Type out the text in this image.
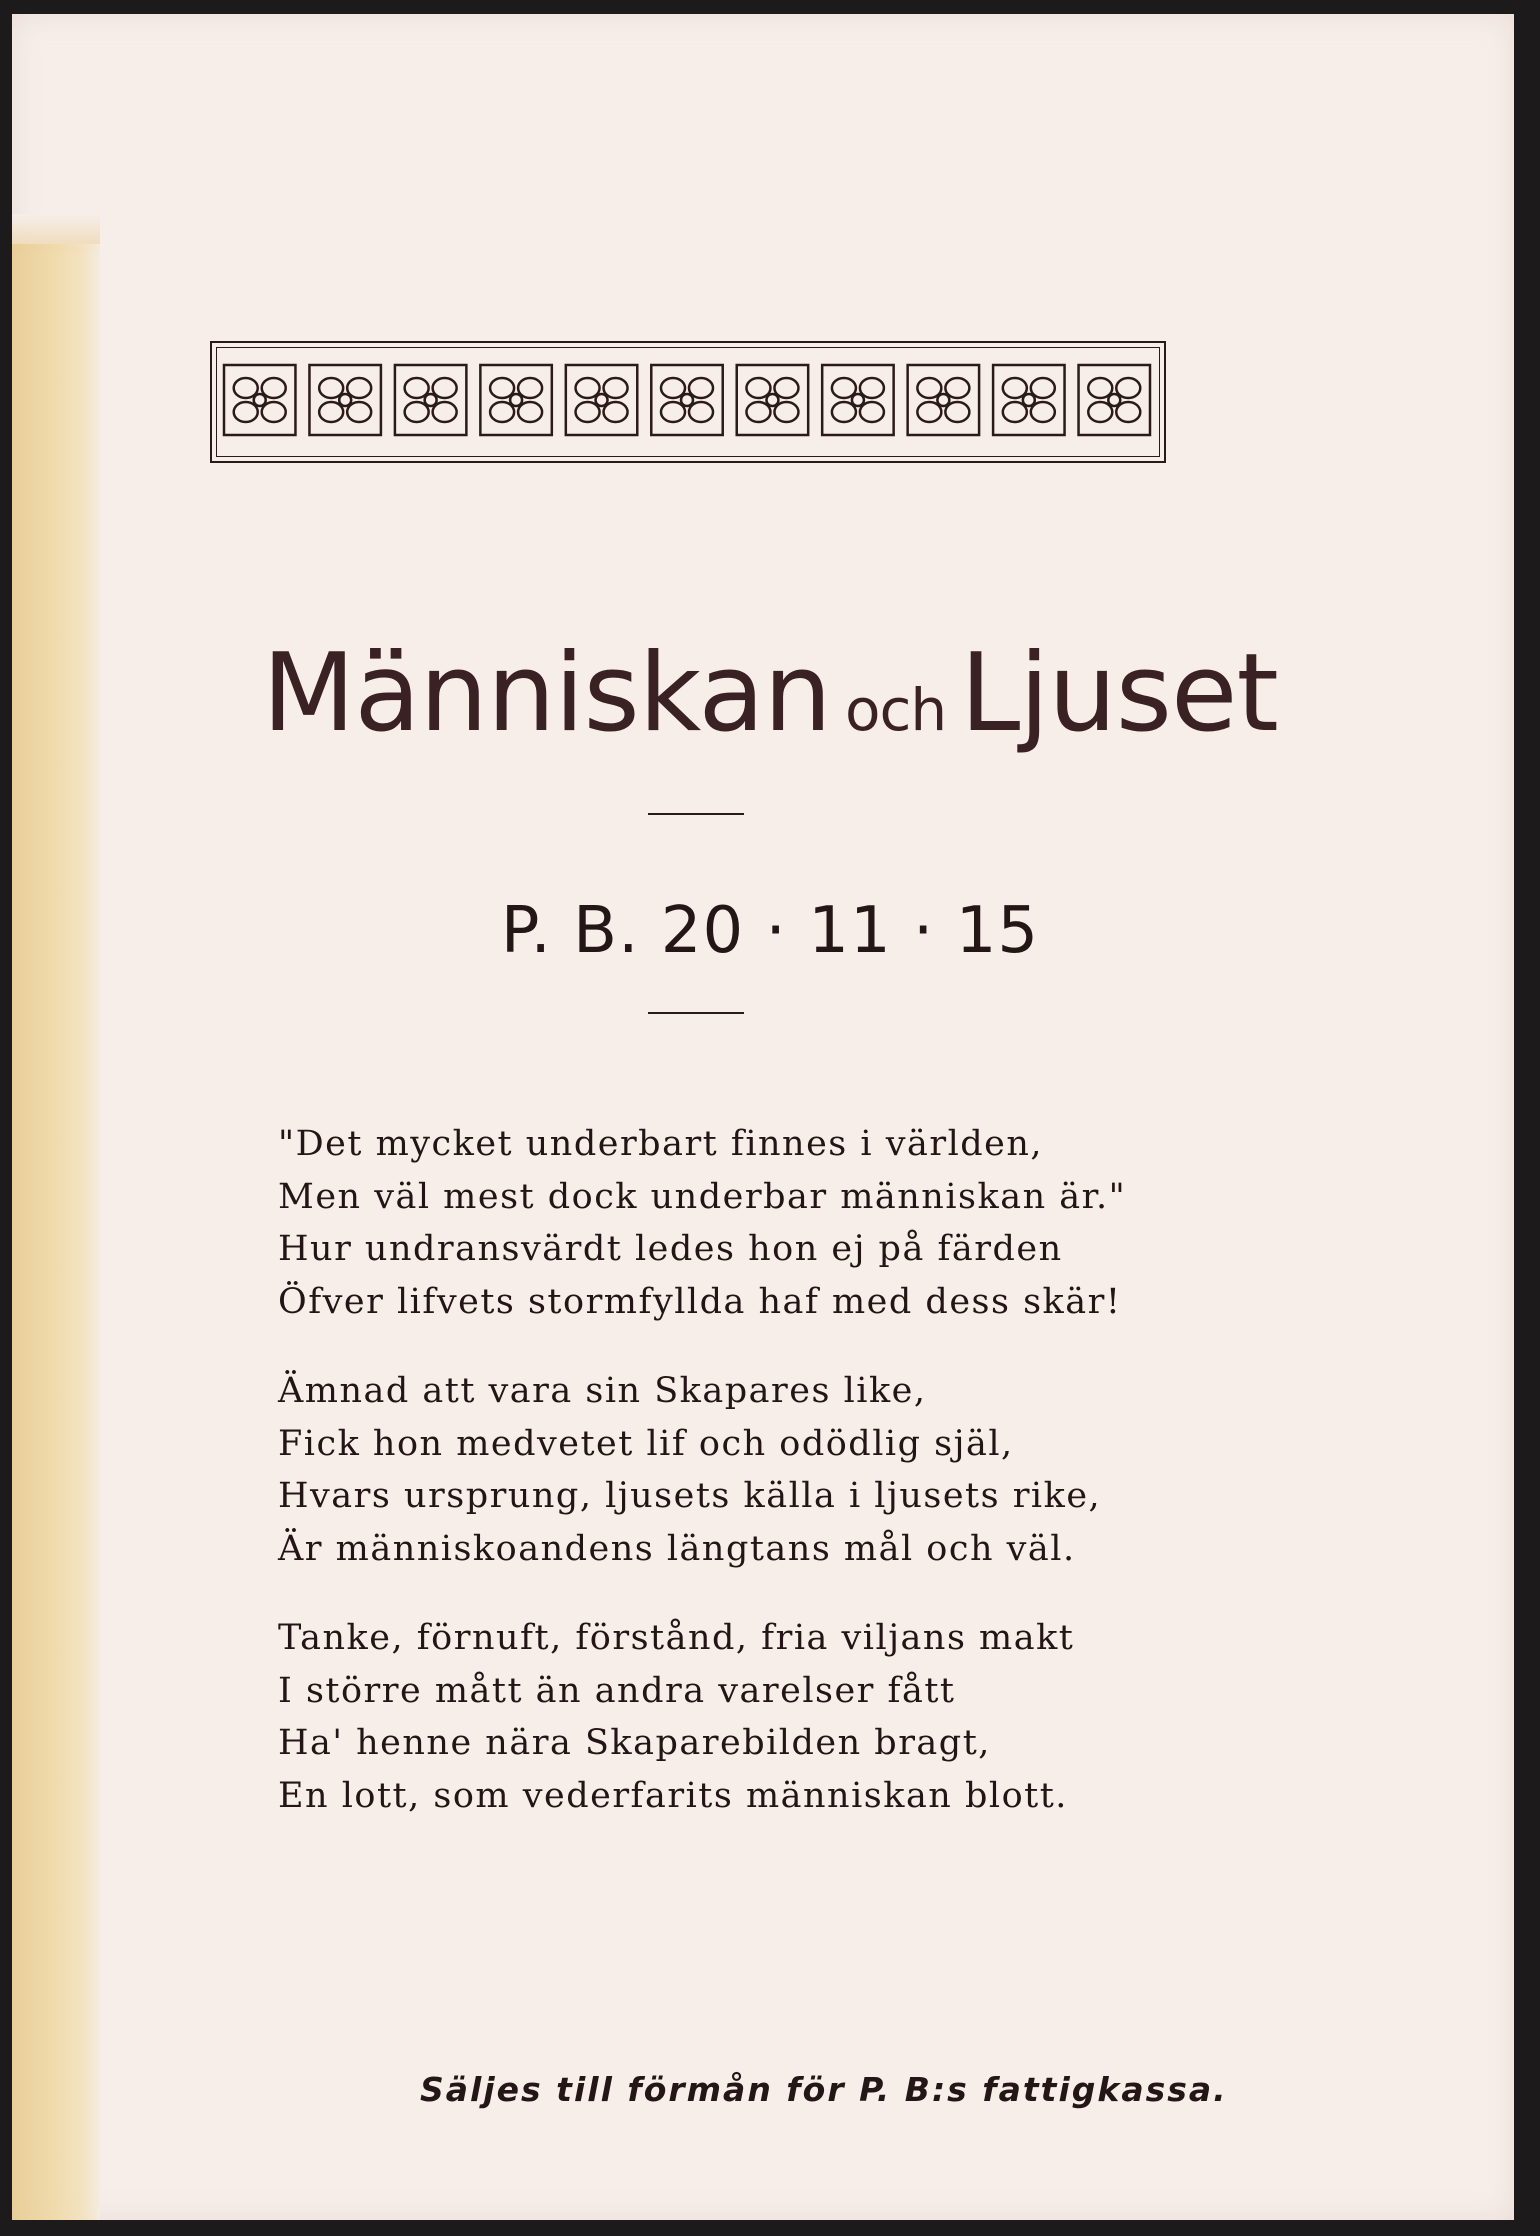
Människan och Ljuset
P. B. 20 · 11 · 15
"Det mycket underbart finnes i världen,
Men väl mest dock underbar människan är."
Hur undransvärdt ledes hon ej på färden
Öfver lifvets stormfyllda haf med dess skär!
Ämnad att vara sin Skapares like,
Fick hon medvetet lif och odödlig själ,
Hvars ursprung, ljusets källa i ljusets rike,
Är människoandens längtans mål och väl.
Tanke, förnuft, förstånd, fria viljans makt
I större mått än andra varelser fått
Ha' henne nära Skaparebilden bragt,
En lott, som vederfarits människan blott.
Säljes till förmån för P. B:s fattigkassa.
